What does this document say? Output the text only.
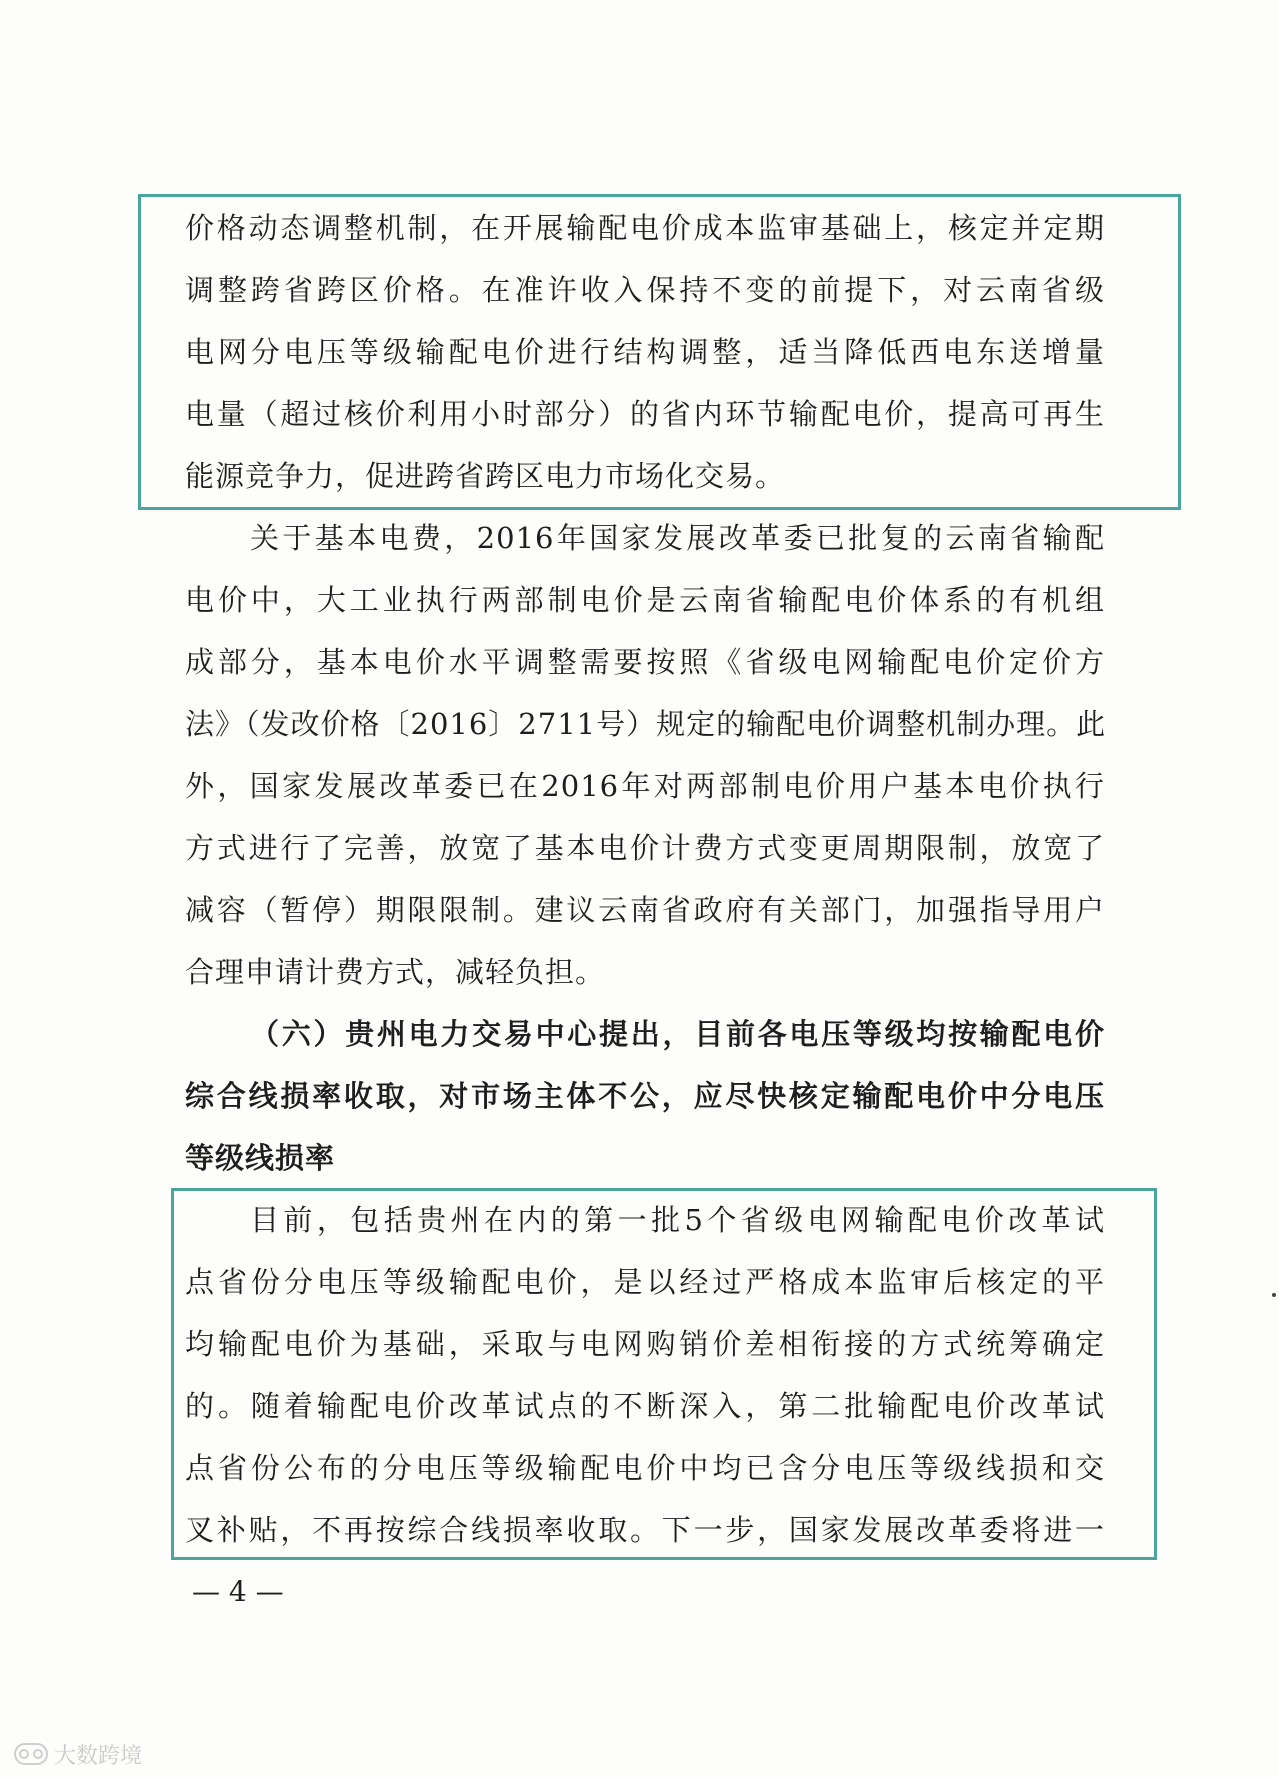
价格动态调整机制，在开展输配电价成本监审基础上，核定并定期
调整跨省跨区价格。在准许收入保持不变的前提下，对云南省级
电网分电压等级输配电价进行结构调整，适当降低西电东送增量
电量（超过核价利用小时部分）的省内环节输配电价，提高可再生
能源竞争力，促进跨省跨区电力市场化交易。
关于基本电费，2016年国家发展改革委已批复的云南省输配
电价中，大工业执行两部制电价是云南省输配电价体系的有机组
成部分，基本电价水平调整需要按照《省级电网输配电价定价方
法》（发改价格〔2016〕2711号）规定的输配电价调整机制办理。此
外，国家发展改革委已在2016年对两部制电价用户基本电价执行
方式进行了完善，放宽了基本电价计费方式变更周期限制，放宽了
减容（暂停）期限限制。建议云南省政府有关部门，加强指导用户
合理申请计费方式，减轻负担。
（六）贵州电力交易中心提出，目前各电压等级均按输配电价
综合线损率收取，对市场主体不公，应尽快核定输配电价中分电压
等级线损率
目前，包括贵州在内的第一批5个省级电网输配电价改革试
点省份分电压等级输配电价，是以经过严格成本监审后核定的平
均输配电价为基础，采取与电网购销价差相衔接的方式统筹确定
的。随着输配电价改革试点的不断深入，第二批输配电价改革试
点省份公布的分电压等级输配电价中均已含分电压等级线损和交
叉补贴，不再按综合线损率收取。下一步，国家发展改革委将进一
— 4 —
大数跨境
